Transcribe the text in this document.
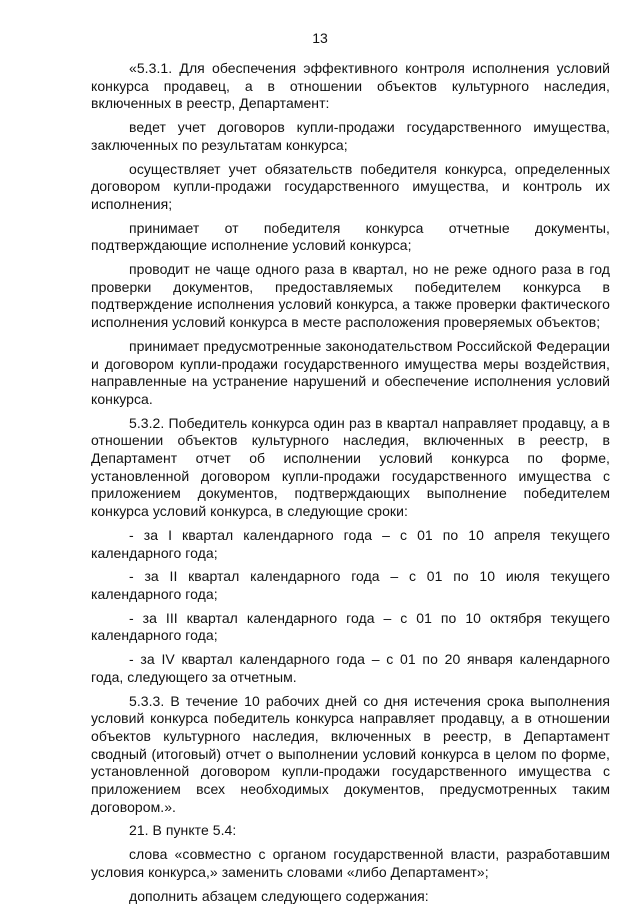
13

«5.3.1. Для обеспечения эффективного контроля исполнения условий конкурса продавец, а в отношении объектов культурного наследия, включенных в реестр, Департамент:

ведет учет договоров купли-продажи государственного имущества, заключенных по результатам конкурса;

осуществляет учет обязательств победителя конкурса, определенных договором купли-продажи государственного имущества, и контроль их исполнения;

принимает от победителя конкурса отчетные документы, подтверждающие исполнение условий конкурса;

проводит не чаще одного раза в квартал, но не реже одного раза в год проверки документов, предоставляемых победителем конкурса в подтверждение исполнения условий конкурса, а также проверки фактического исполнения условий конкурса в месте расположения проверяемых объектов;

принимает предусмотренные законодательством Российской Федерации и договором купли-продажи государственного имущества меры воздействия, направленные на устранение нарушений и обеспечение исполнения условий конкурса.

5.3.2. Победитель конкурса один раз в квартал направляет продавцу, а в отношении объектов культурного наследия, включенных в реестр, в Департамент отчет об исполнении условий конкурса по форме, установленной договором купли-продажи государственного имущества с приложением документов, подтверждающих выполнение победителем конкурса условий конкурса, в следующие сроки:

- за I квартал календарного года – с 01 по 10 апреля текущего календарного года;

- за II квартал календарного года – с 01 по 10 июля текущего календарного года;

- за III квартал календарного года – с 01 по 10 октября текущего календарного года;

- за IV квартал календарного года – с 01 по 20 января календарного года, следующего за отчетным.

5.3.3. В течение 10 рабочих дней со дня истечения срока выполнения условий конкурса победитель конкурса направляет продавцу, а в отношении объектов культурного наследия, включенных в реестр, в Департамент сводный (итоговый) отчет о выполнении условий конкурса в целом по форме, установленной договором купли-продажи государственного имущества с приложением всех необходимых документов, предусмотренных таким договором.».

21. В пункте 5.4:

слова «совместно с органом государственной власти, разработавшим условия конкурса,» заменить словами «либо Департамент»;

дополнить абзацем следующего содержания:
